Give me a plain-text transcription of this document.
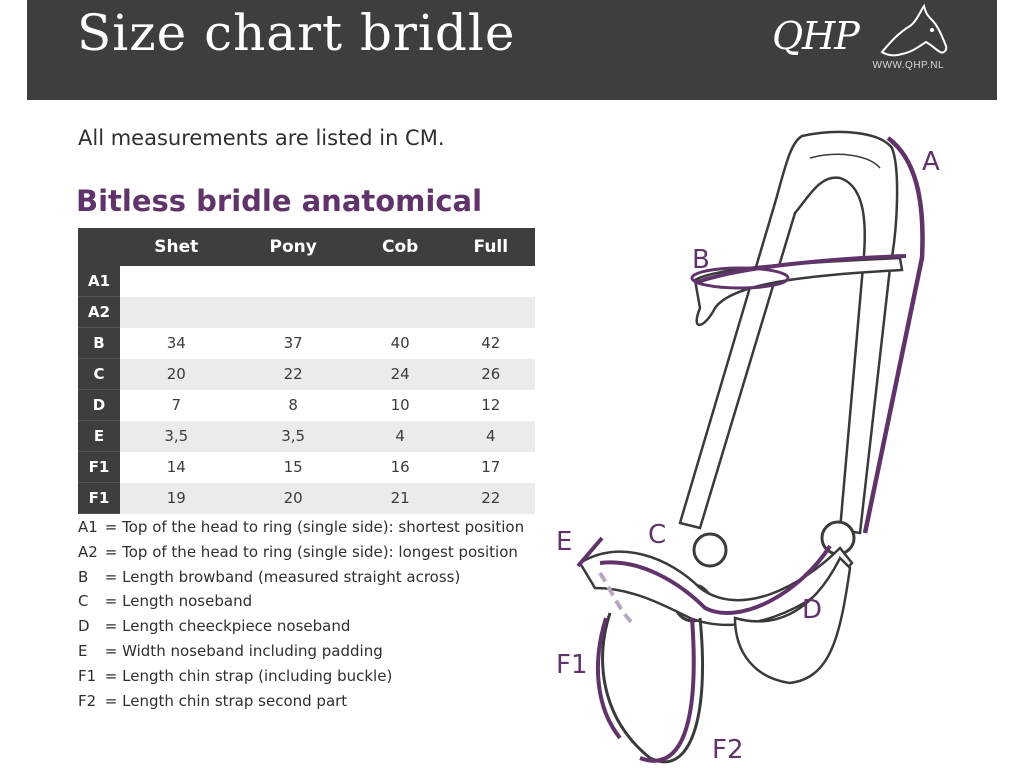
Size chart bridle	QHP
WWW.QHP.NL
All measurements are listed in CM.
Bitless bridle anatomical
	Shet	Pony	Cob	Full
A1				
A2				
B	34	37	40	42
C	20	22	24	26
D	7	8	10	12
E	3,5	3,5	4	4
F1	14	15	16	17
F1	19	20	21	22
A1 = Top of the head to ring (single side): shortest position
A2 = Top of the head to ring (single side): longest position
B = Length browband (measured straight across)
C = Length noseband
D = Length cheeckpiece noseband
E = Width noseband including padding
F1 = Length chin strap (including buckle)
F2 = Length chin strap second part
A
B
C
D
E
F1
F2
